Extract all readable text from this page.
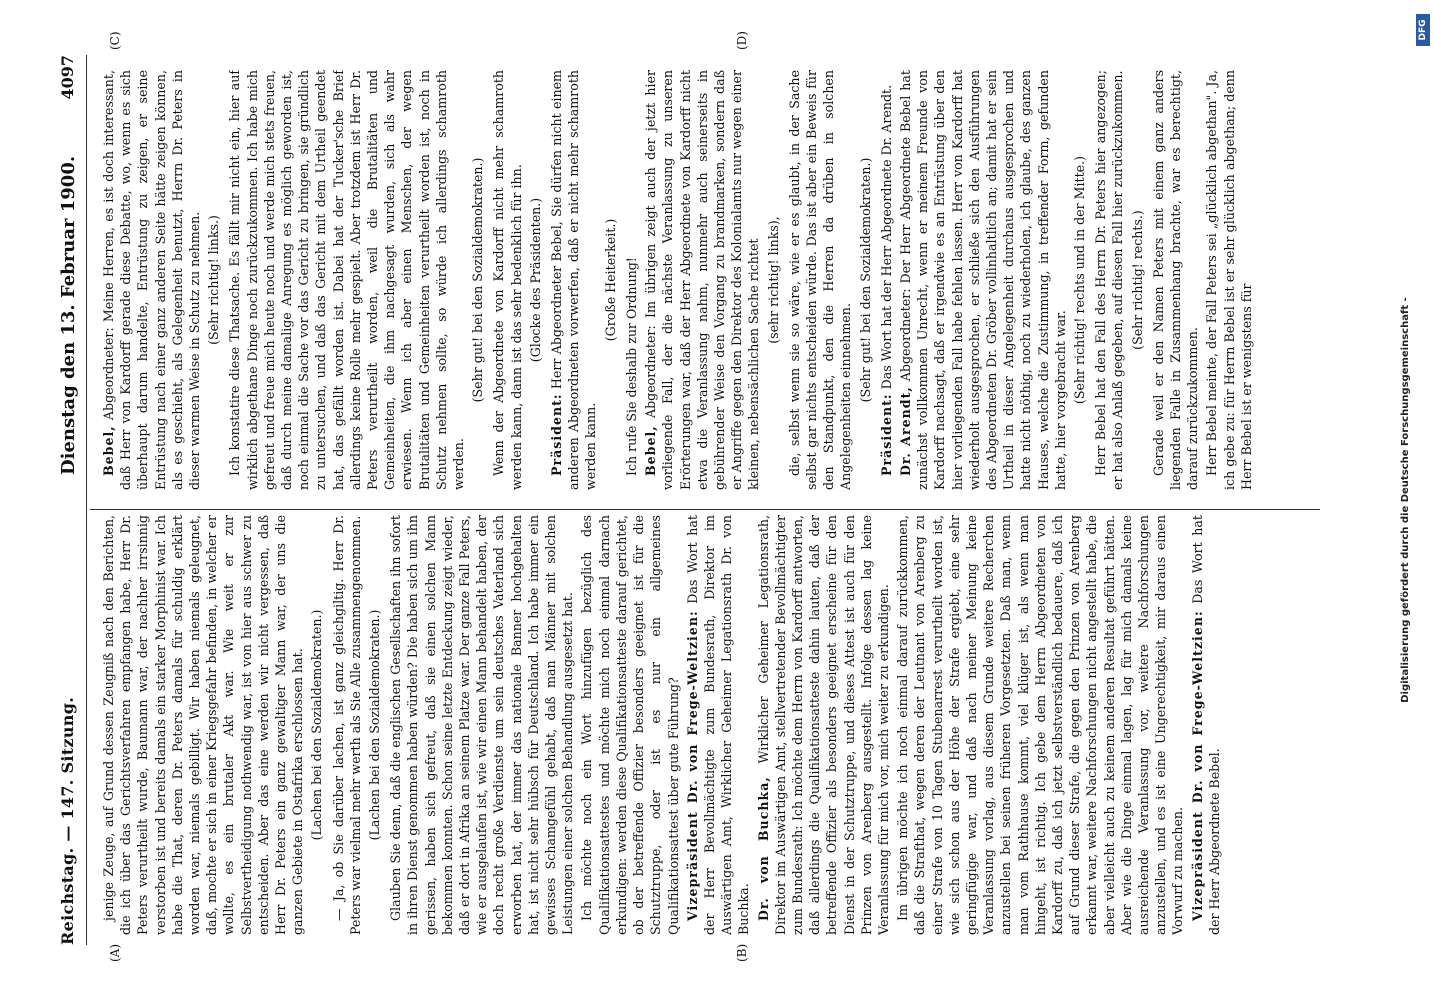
Reichstag. — 147. Sitzung.
Dienstag den 13. Februar 1900.
4097
(A)	(B)
(C)	(D)

jenige Zeuge, auf Grund dessen Zeugniß nach den Berichten, die ich über das Gerichtsverfahren empfangen habe, Herr Dr. Peters verurtheilt wurde, Baumann war, der nachher irrsinnig verstorben ist und bereits damals ein starker Morphinist war. Ich habe die That, deren Dr. Peters damals für schuldig erklärt worden war, niemals gebilligt. Wir haben niemals geleugnet, daß, mochte er sich in einer Kriegsgefahr befinden, in welcher er wollte, es ein brutaler Akt war. Wie weit er zur Selbstvertheidigung nothwendig war, ist von hier aus schwer zu entscheiden. Aber das eine werden wir nicht vergessen, daß Herr Dr. Peters ein ganz gewaltiger Mann war, der uns die ganzen Gebiete in Ostafrika erschlossen hat. (Lachen bei den Sozialdemokraten.) — Ja, ob Sie darüber lachen, ist ganz gleichgiltig. Herr Dr. Peters war vielmal mehr werth als Sie Alle zusammengenommen. (Lachen bei den Sozialdemokraten.) Glauben Sie denn, daß die englischen Gesellschaften ihn sofort in ihren Dienst genommen haben würden? Die haben sich um ihn gerissen, haben sich gefreut, daß sie einen solchen Mann bekommen konnten. Schon seine letzte Entdeckung zeigt wieder, daß er dort in Afrika an seinem Platze war. Der ganze Fall Peters, wie er ausgelaufen ist, wie wir einen Mann behandelt haben, der doch recht große Verdienste um sein deutsches Vaterland sich erworben hat, der immer das nationale Banner hochgehalten hat, ist nicht sehr hübsch für Deutschland. Ich habe immer ein gewisses Schamgefühl gehabt, daß man Männer mit solchen Leistungen einer solchen Behandlung ausgesetzt hat. Ich möchte noch ein Wort hinzufügen bezüglich des Qualifikationsattestes und möchte mich noch einmal darnach erkundigen: werden diese Qualifikationsatteste darauf gerichtet, ob der betreffende Offizier besonders geeignet ist für die Schutztruppe, oder ist es nur ein allgemeines Qualifikationsattest über gute Führung? Vizepräsident Dr. von Frege-Weltzien: Das Wort hat der Herr Bevollmächtigte zum Bundesrath, Direktor im Auswärtigen Amt, Wirklicher Geheimer Legationsrath Dr. von Buchka. Dr. von Buchka, Wirklicher Geheimer Legationsrath, Direktor im Auswärtigen Amt, stellvertretender Bevollmächtigter zum Bundesrath: Ich möchte dem Herrn von Kardorff antworten, daß allerdings die Qualifikationsatteste dahin lauten, daß der betreffende Offizier als besonders geeignet erscheine für den Dienst in der Schutztruppe, und dieses Attest ist auch für den Prinzen von Arenberg ausgestellt. Infolge dessen lag keine Veranlassung für mich vor, mich weiter zu erkundigen. Im übrigen möchte ich noch einmal darauf zurückkommen, daß die Strafthat, wegen deren der Leutnant von Arenberg zu einer Strafe von 10 Tagen Stubenarrest verurtheilt worden ist, wie sich schon aus der Höhe der Strafe ergiebt, eine sehr geringfügige war, und daß nach meiner Meinung keine Veranlassung vorlag, aus diesem Grunde weitere Recherchen anzustellen bei seinen früheren Vorgesetzten. Daß man, wenn man vom Rathhause kommt, viel klüger ist, als wenn man hingeht, ist richtig. Ich gebe dem Herrn Abgeordneten von Kardorff zu, daß ich jetzt selbstverständlich bedauere, daß ich auf Grund dieser Strafe, die gegen den Prinzen von Arenberg erkannt war, weitere Nachforschungen nicht angestellt habe, die aber vielleicht auch zu keinem anderen Resultat geführt hätten. Aber wie die Dinge einmal lagen, lag für mich damals keine ausreichende Veranlassung vor, weitere Nachforschungen anzustellen, und es ist eine Ungerechtigkeit, mir daraus einen Vorwurf zu machen. Vizepräsident Dr. von Frege-Weltzien: Das Wort hat der Herr Abgeordnete Bebel.

Bebel, Abgeordneter: Meine Herren, es ist doch interessant, daß Herr von Kardorff gerade diese Debatte, wo, wenn es sich überhaupt darum handelte, Entrüstung zu zeigen, er seine Entrüstung nach einer ganz anderen Seite hätte zeigen können, als es geschieht, als Gelegenheit benutzt, Herrn Dr. Peters in dieser warmen Weise in Schutz zu nehmen. (Sehr richtig! links.) Ich konstatire diese Thatsache. Es fällt mir nicht ein, hier auf wirklich abgethane Dinge noch zurückzukommen. Ich habe mich gefreut und freue mich heute noch und werde mich stets freuen, daß durch meine damalige Anregung es möglich geworden ist, noch einmal die Sache vor das Gericht zu bringen, sie gründlich zu untersuchen, und daß das Gericht mit dem Urtheil geendet hat, das gefällt worden ist. Dabei hat der Tucker'sche Brief allerdings keine Rolle mehr gespielt. Aber trotzdem ist Herr Dr. Peters verurtheilt worden, weil die Brutalitäten und Gemeinheiten, die ihm nachgesagt wurden, sich als wahr erwiesen. Wenn ich aber einen Menschen, der wegen Brutalitäten und Gemeinheiten verurtheilt worden ist, noch in Schutz nehmen sollte, so würde ich allerdings schamroth werden.

(Sehr gut! bei den Sozialdemokraten.) Wenn der Abgeordnete von Kardorff nicht mehr schamroth werden kann, dann ist das sehr bedenklich für ihn. (Glocke des Präsidenten.)

Präsident: Herr Abgeordneter Bebel, Sie dürfen nicht einem anderen Abgeordneten vorwerfen, daß er nicht mehr schamroth werden kann.

(Große Heiterkeit.) Ich rufe Sie deshalb zur Ordnung! Bebel, Abgeordneter: Im übrigen zeigt auch der jetzt hier vorliegende Fall, der die nächste Veranlassung zu unseren Erörterungen war, daß der Herr Abgeordnete von Kardorff nicht etwa die Veranlassung nahm, nunmehr auch seinerseits in gebührender Weise den Vorgang zu brandmarken, sondern daß er Angriffe gegen den Direktor des Kolonialamts nur wegen einer kleinen, nebensächlichen Sache richtet (sehr richtig! links), die, selbst wenn sie so wäre, wie er es glaubt, in der Sache selbst gar nichts entscheiden würde. Das ist aber ein Beweis für den Standpunkt, den die Herren da drüben in solchen Angelegenheiten einnehmen. (Sehr gut! bei den Sozialdemokraten.)

Präsident: Das Wort hat der Herr Abgeordnete Dr. Arendt.

Dr. Arendt, Abgeordneter: Der Herr Abgeordnete Bebel hat zunächst vollkommen Unrecht, wenn er meinem Freunde von Kardorff nachsagt, daß er irgendwie es an Entrüstung über den hier vorliegenden Fall habe fehlen lassen. Herr von Kardorff hat wiederholt ausgesprochen, er schließe sich den Ausführungen des Abgeordneten Dr. Gröber vollinhaltlich an; damit hat er sein Urtheil in dieser Angelegenheit durchaus ausgesprochen und hatte nicht nöthig, noch zu wiederholen, ich glaube, des ganzen Hauses, welche die Zustimmung, in treffender Form, gefunden hatte, hier vorgebracht war. (Sehr richtig! rechts und in der Mitte.) Herr Bebel hat den Fall des Herrn Dr. Peters hier angezogen; er hat also Anlaß gegeben, auf diesen Fall hier zurückzukommen. (Sehr richtig! rechts.) Gerade weil er den Namen Peters mit einem ganz anders liegenden Falle in Zusammenhang brachte, war es berechtigt, darauf zurückzukommen. Herr Bebel meinte, der Fall Peters sei „glücklich abgethan". Ja, ich gebe zu: für Herrn Bebel ist er sehr glücklich abgethan; denn Herr Bebel ist er wenigstens für	Digitalisierung gefördert durch die Deutsche Forschungsgemeinschaft -
DFG
